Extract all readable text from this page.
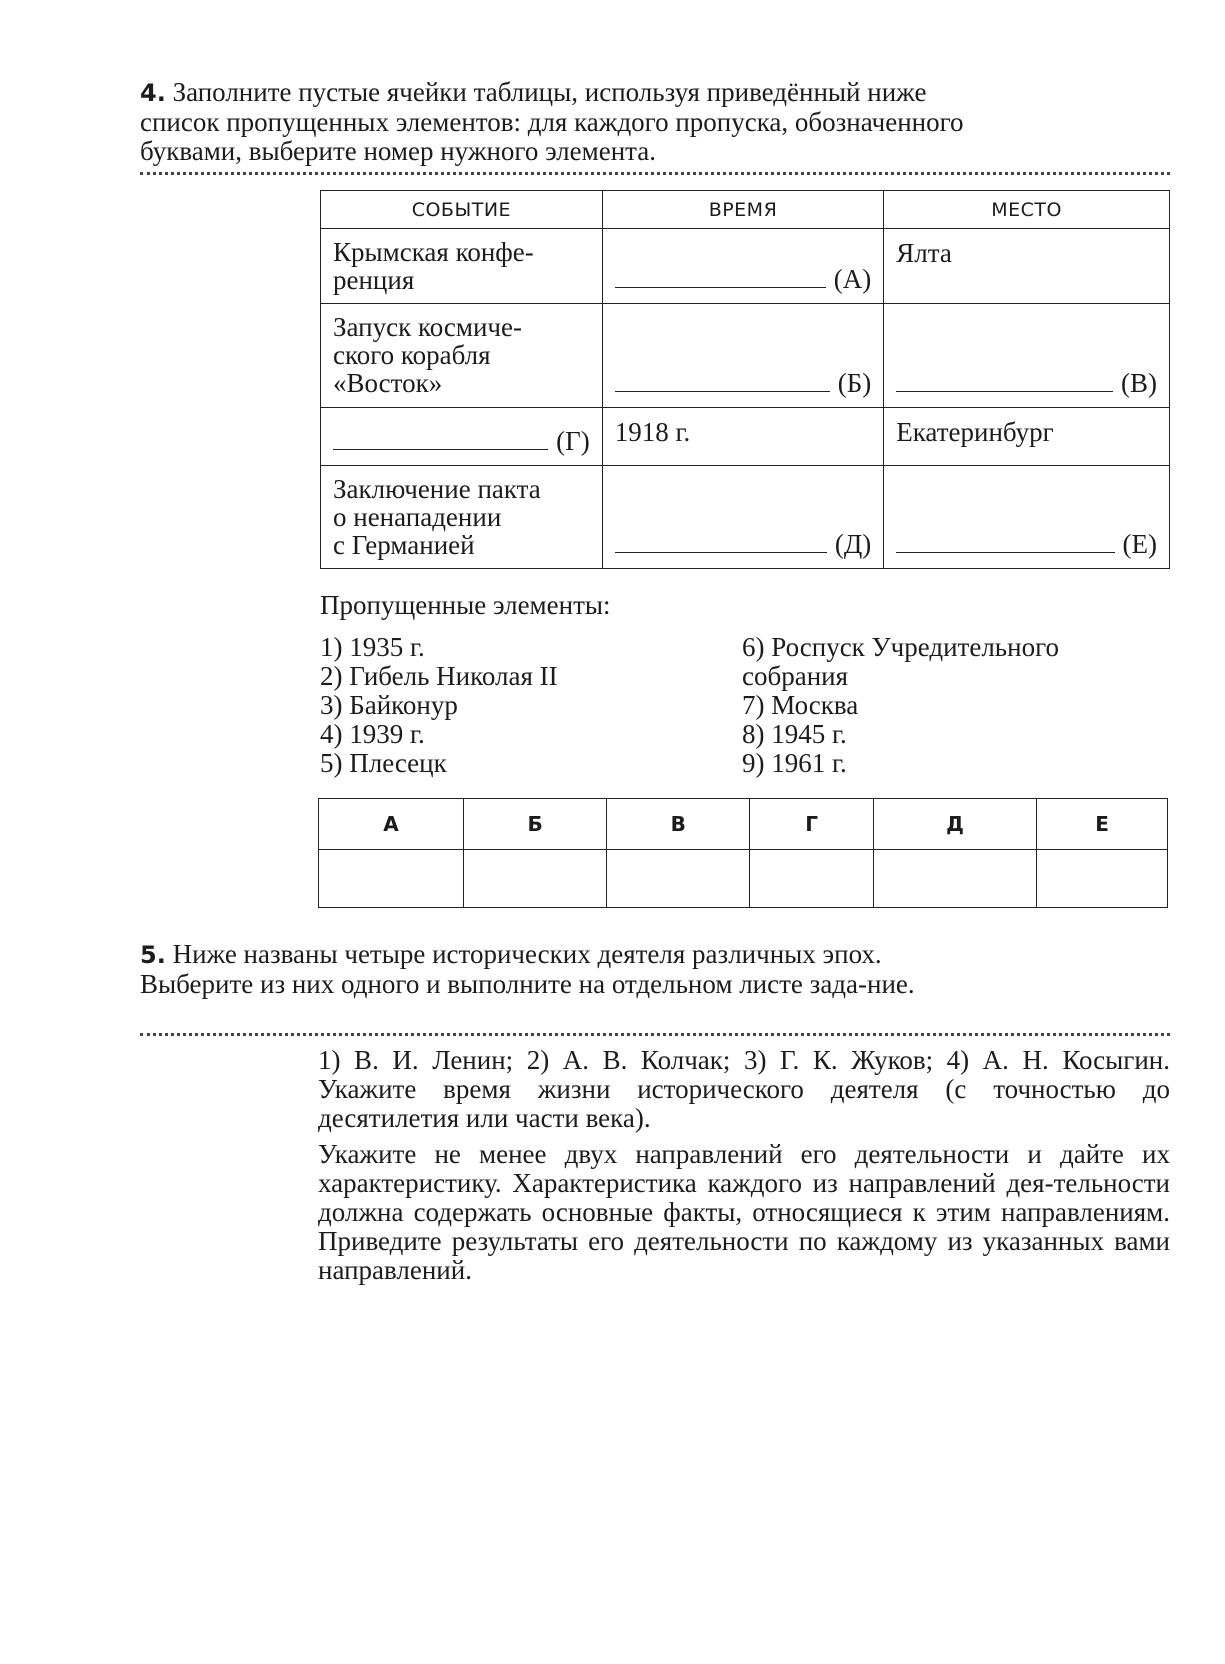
4. Заполните пустые ячейки таблицы, используя приведённый ниже список пропущенных элементов: для каждого пропуска, обозначенного буквами, выберите номер нужного элемента.
СОБЫТИЕ	ВРЕМЯ	МЕСТО

Крымская конфе-
ренция	(А)	Ялта

Запуск космиче-
ского корабля
«Восток»	(Б)	(В)

(Г)	1918 г.	Екатеринбург

Заключение пакта
о ненападении
с Германией	(Д)	(Е)
Пропущенные элементы:
1) 1935 г.
2) Гибель Николая II
3) Байконур
4) 1939 г.
5) Плесецк
6) Роспуск Учредительного
собрания
7) Москва
8) 1945 г.
9) 1961 г.
А	Б	В	Г	Д	Е

5. Ниже названы четыре исторических деятеля различных эпох. Выберите из них одного и выполните на отдельном листе зада-ние.
1) В. И. Ленин; 2) А. В. Колчак; 3) Г. К. Жуков; 4) А. Н. Косыгин. Укажите время жизни исторического деятеля (с точностью до десятилетия или части века).
Укажите не менее двух направлений его деятельности и дайте их характеристику. Характеристика каждого из направлений дея-тельности должна содержать основные факты, относящиеся к этим направлениям. Приведите результаты его деятельности по каждому из указанных вами направлений.
